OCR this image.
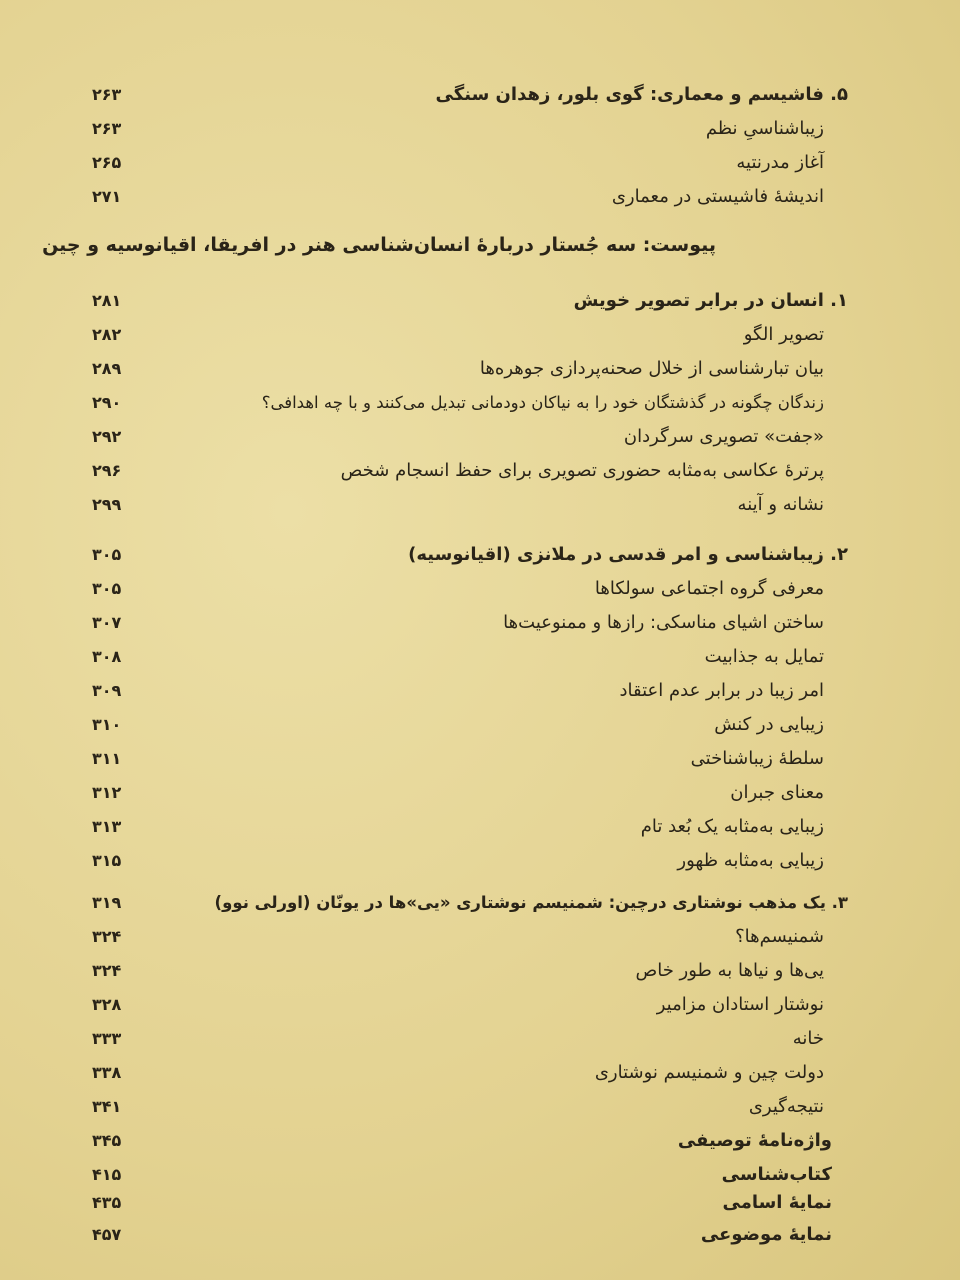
۵. فاشیسم و معماری: گوی بلور، زهدان سنگی
۲۶۳
زیباشناسیِ نظم
۲۶۳
آغاز مدرنتیه
۲۶۵
اندیشهٔ فاشیستی در معماری
۲۷۱
پیوست: سه جُستار دربارهٔ انسان‌شناسی هنر در افریقا، اقیانوسیه و چین
۱. انسان در برابر تصویر خویش
۲۸۱
تصویر الگو
۲۸۲
بیان تبارشناسی از خلال صحنه‌پردازی جوهره‌ها
۲۸۹
زندگان چگونه در گذشتگان خود را به نیاکان دودمانی تبدیل می‌کنند و با چه اهدافی؟
۲۹۰
«جفت» تصویری سرگردان
۲۹۲
پرترهٔ عکاسی به‌مثابه حضوری تصویری برای حفظ انسجام شخص
۲۹۶
نشانه و آینه
۲۹۹
۲. زیباشناسی و امر قدسی در ملانزی (اقیانوسیه)
۳۰۵
معرفی گروه اجتماعی سولکاها
۳۰۵
ساختن اشیای مناسکی: رازها و ممنوعیت‌ها
۳۰۷
تمایل به جذابیت
۳۰۸
امر زیبا در برابر عدم اعتقاد
۳۰۹
زیبایی در کنش
۳۱۰
سلطهٔ زیباشناختی
۳۱۱
معنای جبران
۳۱۲
زیبایی به‌مثابه یک بُعد تام
۳۱۳
زیبایی به‌مثابه ظهور
۳۱۵
۳. یک مذهب نوشتاری درچین: شمنیسم نوشتاری «یی»ها در یونّان (اورلی نوو)
۳۱۹
شمنیسم‌ها؟
۳۲۴
یی‌ها و نیاها به طور خاص
۳۲۴
نوشتار استادان مزامیر
۳۲۸
خانه
۳۳۳
دولت چین و شمنیسم نوشتاری
۳۳۸
نتیجه‌گیری
۳۴۱
واژه‌نامهٔ توصیفی
۳۴۵
کتاب‌شناسی
۴۱۵
نمایهٔ اسامی
۴۳۵
نمایهٔ موضوعی
۴۵۷
